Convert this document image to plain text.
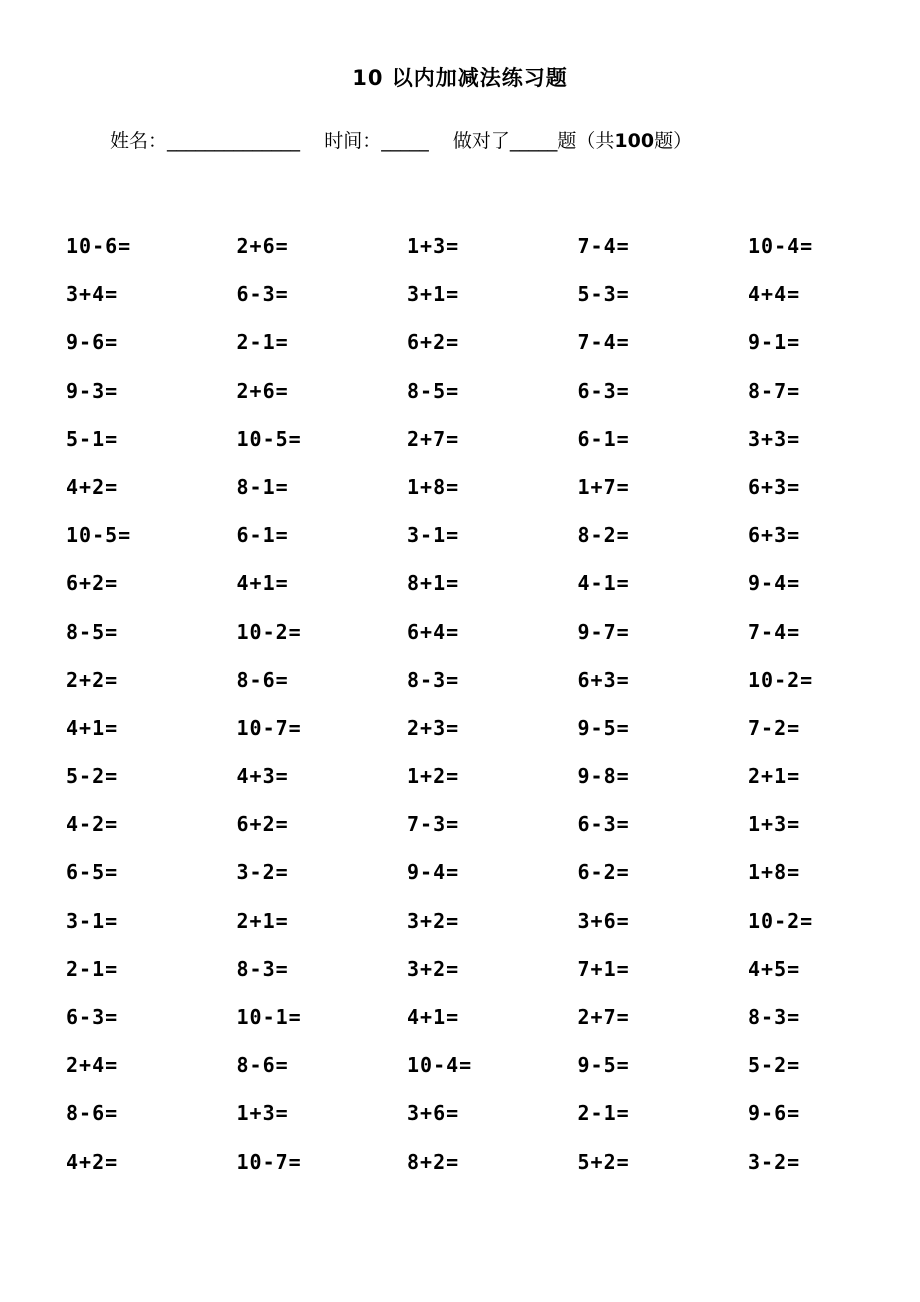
10 以内加减法练习题
姓名：______________ 时间：_____ 做对了_____题（共100题）
10-6=	2+6=	1+3=	7-4=	10-4=
3+4=	6-3=	3+1=	5-3=	4+4=
9-6=	2-1=	6+2=	7-4=	9-1=
9-3=	2+6=	8-5=	6-3=	8-7=
5-1=	10-5=	2+7=	6-1=	3+3=
4+2=	8-1=	1+8=	1+7=	6+3=
10-5=	6-1=	3-1=	8-2=	6+3=
6+2=	4+1=	8+1=	4-1=	9-4=
8-5=	10-2=	6+4=	9-7=	7-4=
2+2=	8-6=	8-3=	6+3=	10-2=
4+1=	10-7=	2+3=	9-5=	7-2=
5-2=	4+3=	1+2=	9-8=	2+1=
4-2=	6+2=	7-3=	6-3=	1+3=
6-5=	3-2=	9-4=	6-2=	1+8=
3-1=	2+1=	3+2=	3+6=	10-2=
2-1=	8-3=	3+2=	7+1=	4+5=
6-3=	10-1=	4+1=	2+7=	8-3=
2+4=	8-6=	10-4=	9-5=	5-2=
8-6=	1+3=	3+6=	2-1=	9-6=
4+2=	10-7=	8+2=	5+2=	3-2=
